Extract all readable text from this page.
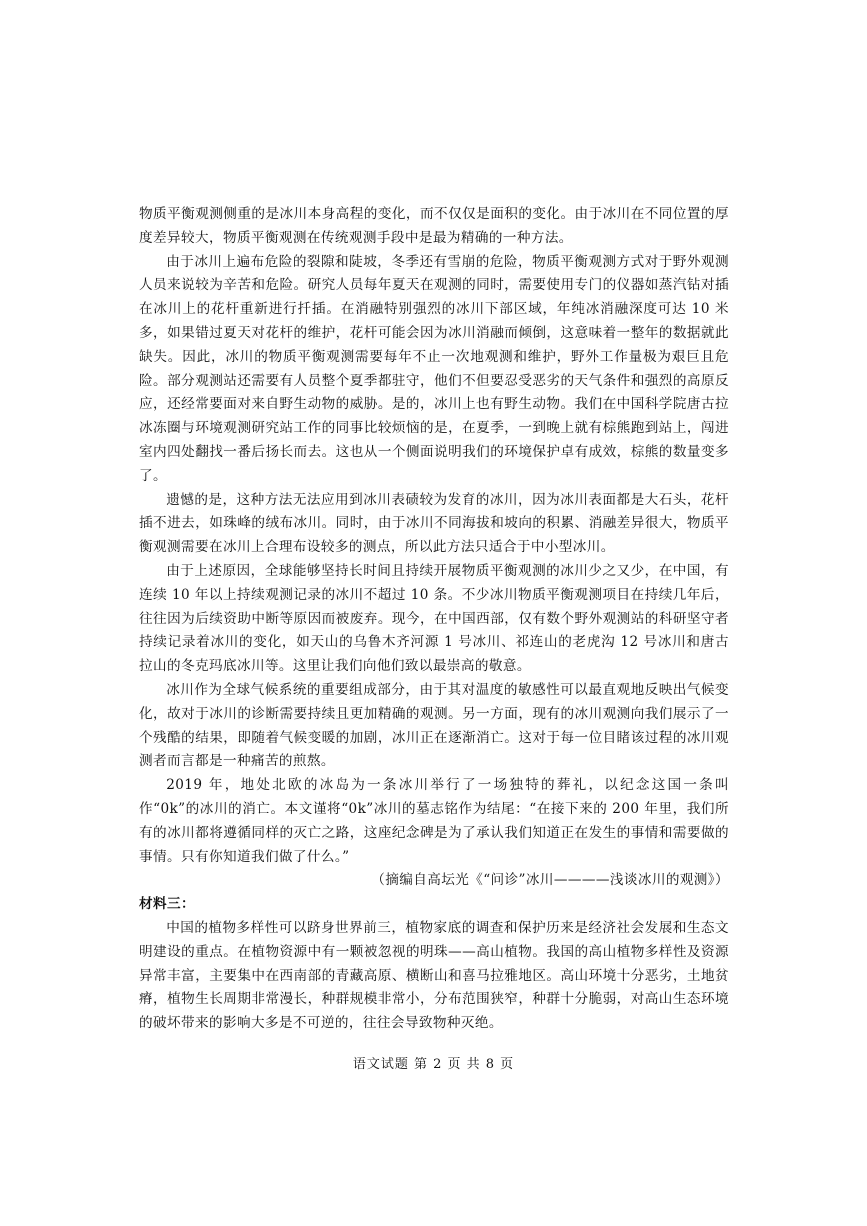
物质平衡观测侧重的是冰川本身高程的变化，而不仅仅是面积的变化。由于冰川在不同位置的厚度差异较大，物质平衡观测在传统观测手段中是最为精确的一种方法。

由于冰川上遍布危险的裂隙和陡坡，冬季还有雪崩的危险，物质平衡观测方式对于野外观测人员来说较为辛苦和危险。研究人员每年夏天在观测的同时，需要使用专门的仪器如蒸汽钻对插在冰川上的花杆重新进行扦插。在消融特别强烈的冰川下部区域，年纯冰消融深度可达 10 米多，如果错过夏天对花杆的维护，花杆可能会因为冰川消融而倾倒，这意味着一整年的数据就此缺失。因此，冰川的物质平衡观测需要每年不止一次地观测和维护，野外工作量极为艰巨且危险。部分观测站还需要有人员整个夏季都驻守，他们不但要忍受恶劣的天气条件和强烈的高原反应，还经常要面对来自野生动物的威胁。是的，冰川上也有野生动物。我们在中国科学院唐古拉冰冻圈与环境观测研究站工作的同事比较烦恼的是，在夏季，一到晚上就有棕熊跑到站上，闯进室内四处翻找一番后扬长而去。这也从一个侧面说明我们的环境保护卓有成效，棕熊的数量变多了。

遗憾的是，这种方法无法应用到冰川表碛较为发育的冰川，因为冰川表面都是大石头，花杆插不进去，如珠峰的绒布冰川。同时，由于冰川不同海拔和坡向的积累、消融差异很大，物质平衡观测需要在冰川上合理布设较多的测点，所以此方法只适合于中小型冰川。

由于上述原因，全球能够坚持长时间且持续开展物质平衡观测的冰川少之又少，在中国，有连续 10 年以上持续观测记录的冰川不超过 10 条。不少冰川物质平衡观测项目在持续几年后，往往因为后续资助中断等原因而被废弃。现今，在中国西部，仅有数个野外观测站的科研坚守者持续记录着冰川的变化，如天山的乌鲁木齐河源 1 号冰川、祁连山的老虎沟 12 号冰川和唐古拉山的冬克玛底冰川等。这里让我们向他们致以最崇高的敬意。

冰川作为全球气候系统的重要组成部分，由于其对温度的敏感性可以最直观地反映出气候变化，故对于冰川的诊断需要持续且更加精确的观测。另一方面，现有的冰川观测向我们展示了一个残酷的结果，即随着气候变暖的加剧，冰川正在逐渐消亡。这对于每一位目睹该过程的冰川观测者而言都是一种痛苦的煎熬。

2019 年，地处北欧的冰岛为一条冰川举行了一场独特的葬礼，以纪念这国一条叫作“0k”的冰川的消亡。本文谨将“0k”冰川的墓志铭作为结尾：“在接下来的 200 年里，我们所有的冰川都将遵循同样的灭亡之路，这座纪念碑是为了承认我们知道正在发生的事情和需要做的事情。只有你知道我们做了什么。”

（摘编自高坛光《“问诊”冰川————浅谈冰川的观测》）

材料三：

中国的植物多样性可以跻身世界前三，植物家底的调查和保护历来是经济社会发展和生态文明建设的重点。在植物资源中有一颗被忽视的明珠——高山植物。我国的高山植物多样性及资源异常丰富，主要集中在西南部的青藏高原、横断山和喜马拉雅地区。高山环境十分恶劣，土地贫瘠，植物生长周期非常漫长，种群规模非常小，分布范围狭窄，种群十分脆弱，对高山生态环境的破坏带来的影响大多是不可逆的，往往会导致物种灭绝。

语文试题 第 2 页 共 8 页
